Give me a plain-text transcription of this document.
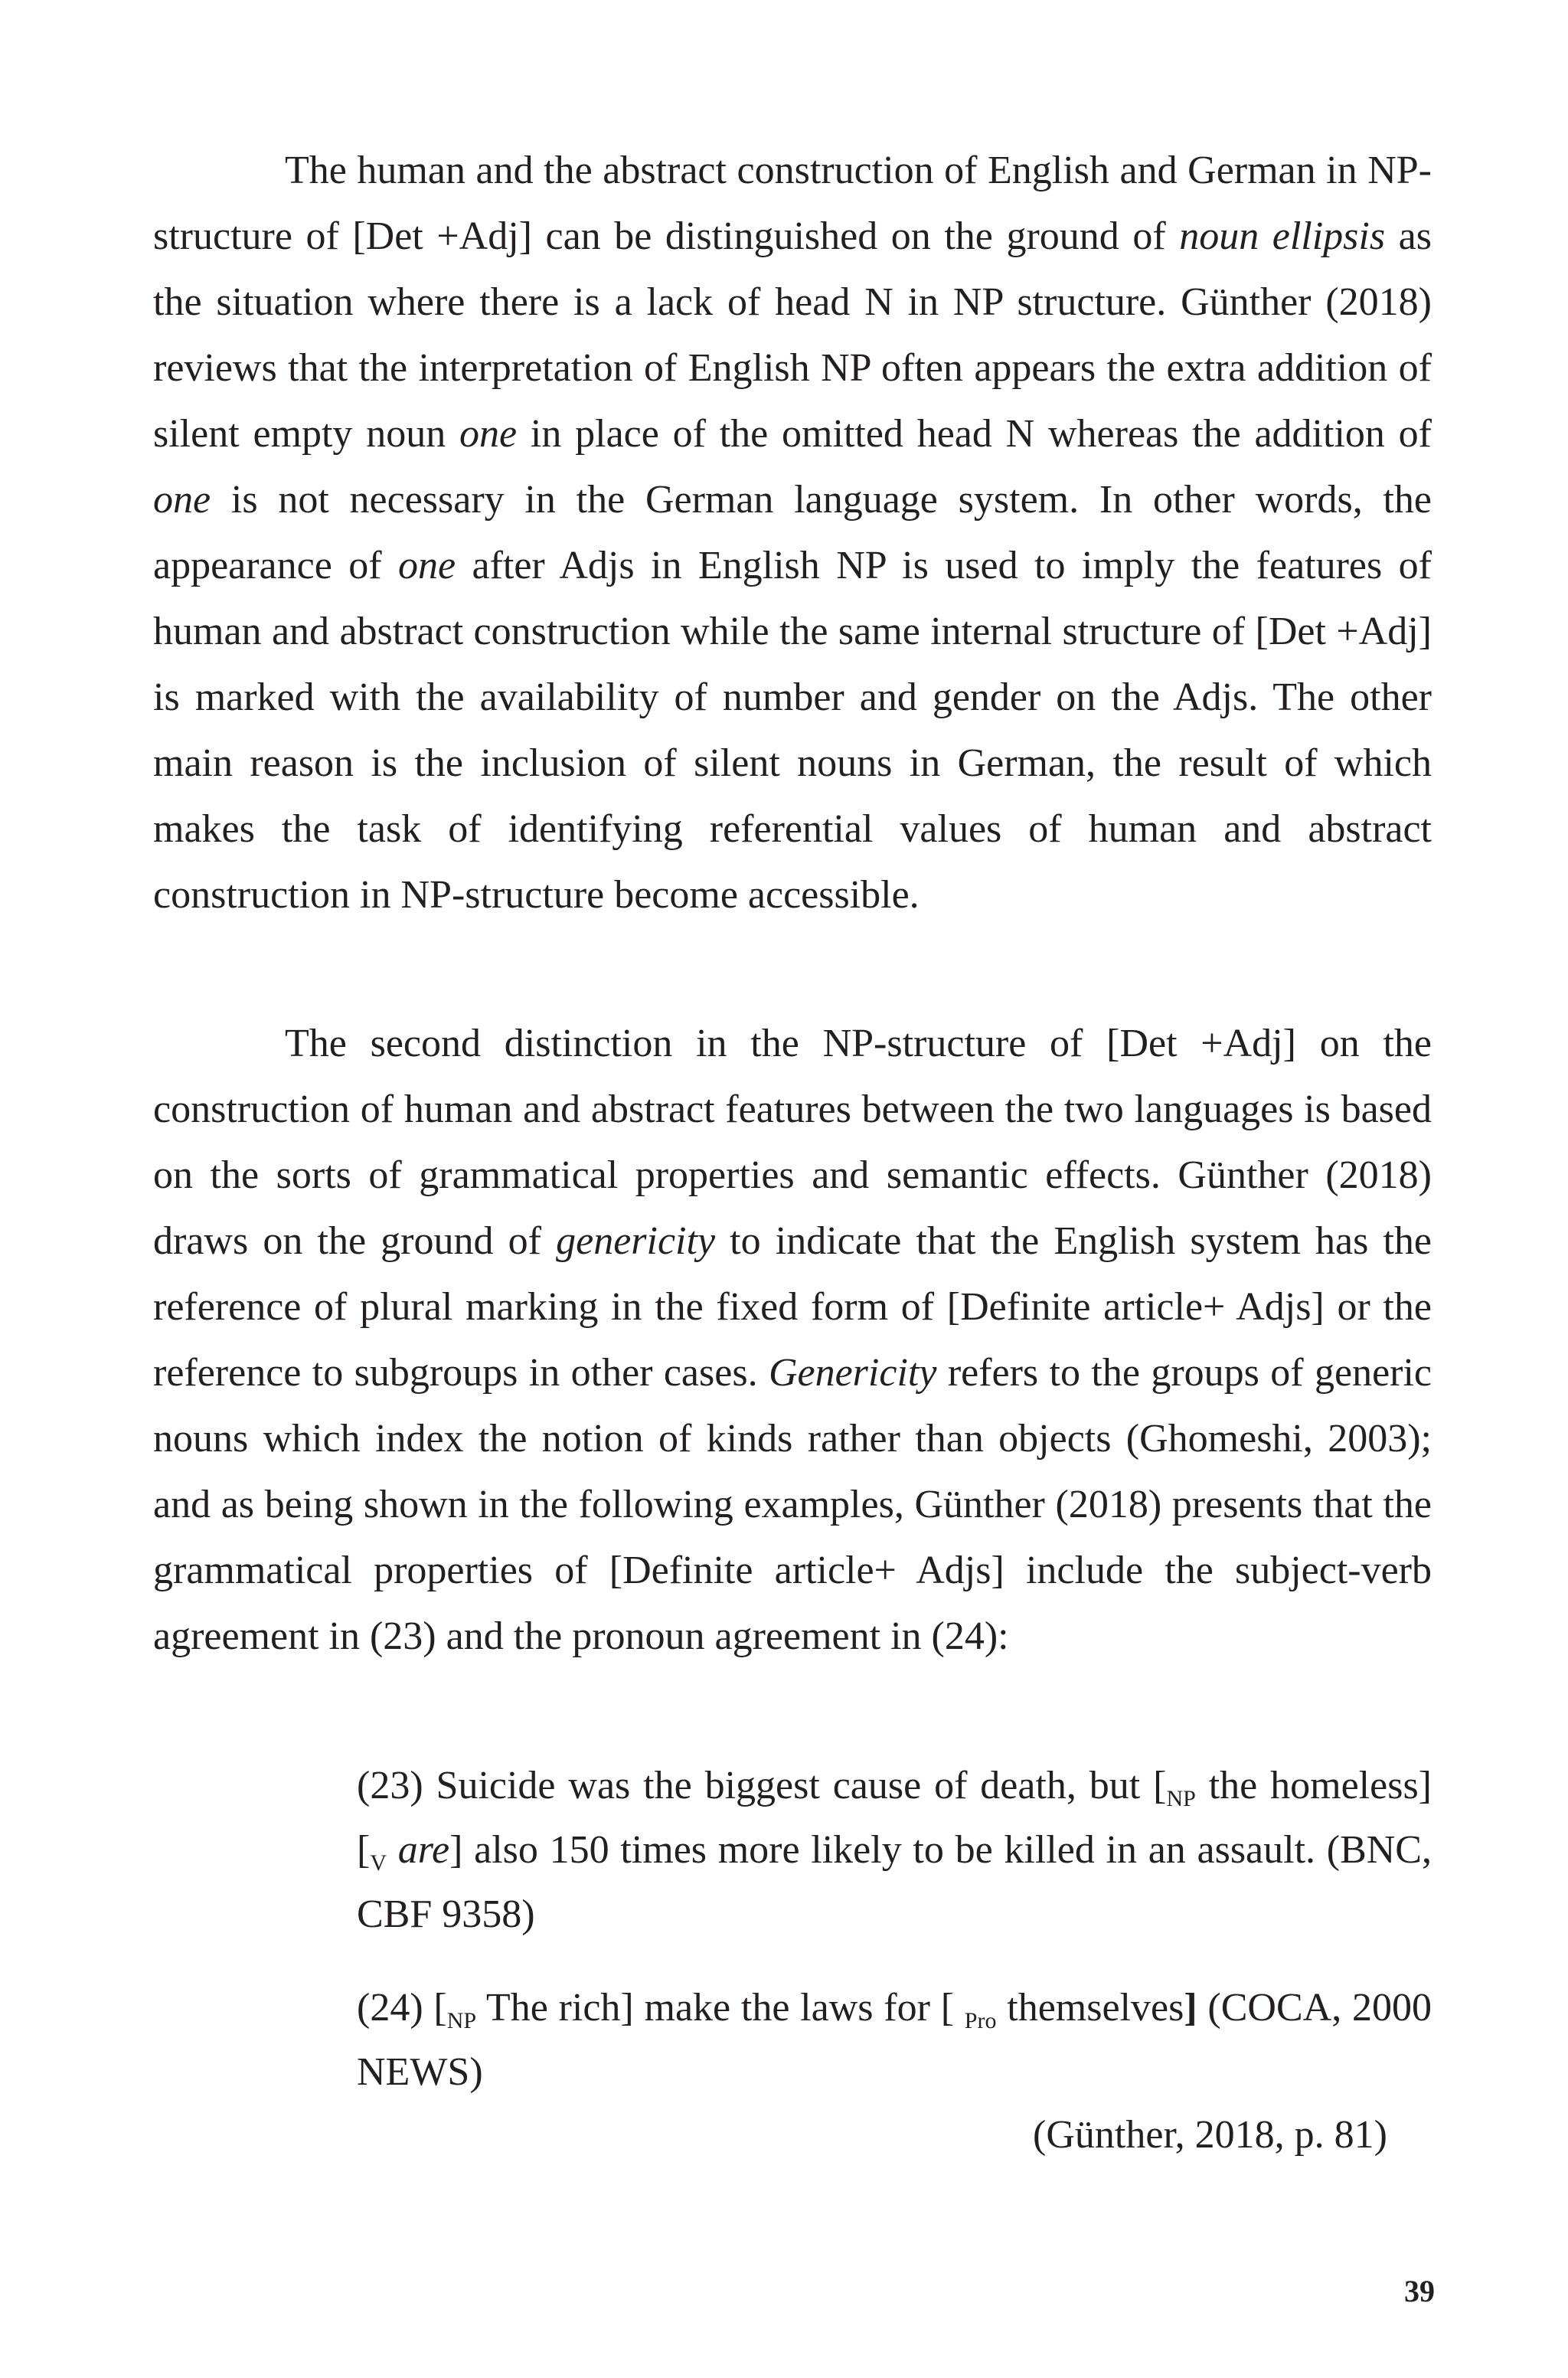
The human and the abstract construction of English and German in NP-structure of [Det +Adj] can be distinguished on the ground of noun ellipsis as the situation where there is a lack of head N in NP structure. Günther (2018) reviews that the interpretation of English NP often appears the extra addition of silent empty noun one in place of the omitted head N whereas the addition of one is not necessary in the German language system. In other words, the appearance of one after Adjs in English NP is used to imply the features of human and abstract construction while the same internal structure of [Det +Adj] is marked with the availability of number and gender on the Adjs. The other main reason is the inclusion of silent nouns in German, the result of which makes the task of identifying referential values of human and abstract construction in NP-structure become accessible.

The second distinction in the NP-structure of [Det +Adj] on the construction of human and abstract features between the two languages is based on the sorts of grammatical properties and semantic effects. Günther (2018) draws on the ground of genericity to indicate that the English system has the reference of plural marking in the fixed form of [Definite article+ Adjs] or the reference to subgroups in other cases. Genericity refers to the groups of generic nouns which index the notion of kinds rather than objects (Ghomeshi, 2003); and as being shown in the following examples, Günther (2018) presents that the grammatical properties of [Definite article+ Adjs] include the subject-verb agreement in (23) and the pronoun agreement in (24):

(23) Suicide was the biggest cause of death, but [$_{NP}$ the homeless] [$_V$ are] also 150 times more likely to be killed in an assault. (BNC, CBF 9358)

(24) [$_{NP}$ The rich] make the laws for [ $_{Pro}$ themselves] (COCA, 2000 NEWS)

(Günther, 2018, p. 81)

39
